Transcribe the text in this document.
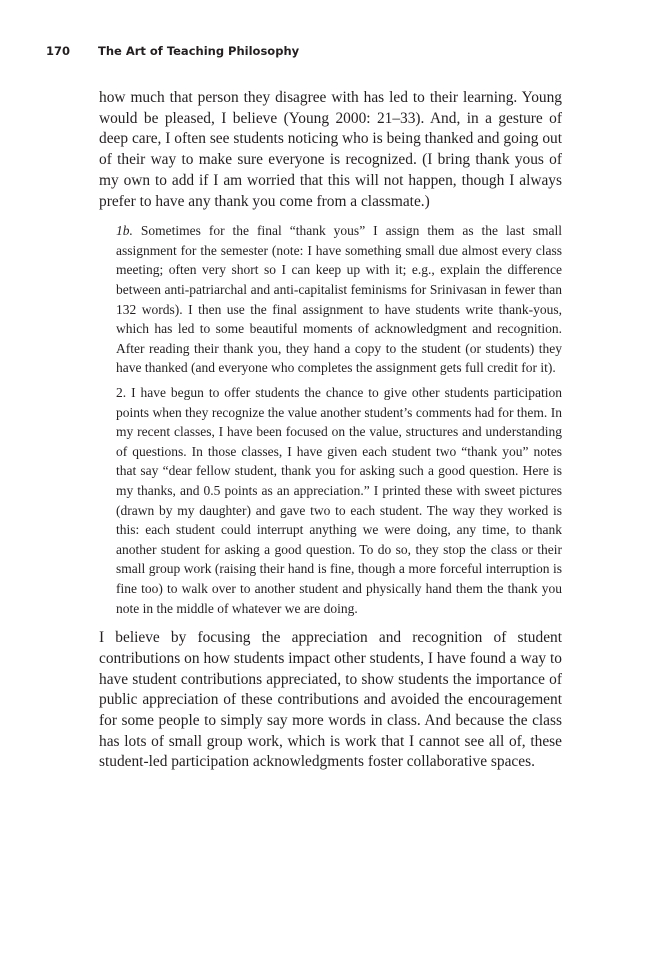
170 The Art of Teaching Philosophy

how much that person they disagree with has led to their learning. Young would be pleased, I believe (Young 2000: 21–33). And, in a gesture of deep care, I often see students noticing who is being thanked and going out of their way to make sure everyone is recognized. (I bring thank yous of my own to add if I am worried that this will not happen, though I always prefer to have any thank you come from a classmate.)

1b. Sometimes for the final “thank yous” I assign them as the last small assignment for the semester (note: I have something small due almost every class meeting; often very short so I can keep up with it; e.g., explain the difference between anti-patriarchal and anti-capitalist feminisms for Srinivasan in fewer than 132 words). I then use the final assignment to have students write thank-yous, which has led to some beautiful moments of acknowledgment and recognition. After reading their thank you, they hand a copy to the student (or students) they have thanked (and everyone who completes the assignment gets full credit for it).

2. I have begun to offer students the chance to give other students participation points when they recognize the value another student’s comments had for them. In my recent classes, I have been focused on the value, structures and understanding of questions. In those classes, I have given each student two “thank you” notes that say “dear fellow student, thank you for asking such a good question. Here is my thanks, and 0.5 points as an appreciation.” I printed these with sweet pictures (drawn by my daughter) and gave two to each student. The way they worked is this: each student could interrupt anything we were doing, any time, to thank another student for asking a good question. To do so, they stop the class or their small group work (raising their hand is fine, though a more forceful interruption is fine too) to walk over to another student and physically hand them the thank you note in the middle of whatever we are doing.

I believe by focusing the appreciation and recognition of student contributions on how students impact other students, I have found a way to have student contributions appreciated, to show students the importance of public appreciation of these contributions and avoided the encouragement for some people to simply say more words in class. And because the class has lots of small group work, which is work that I cannot see all of, these student-led participation acknowledgments foster collaborative spaces.
